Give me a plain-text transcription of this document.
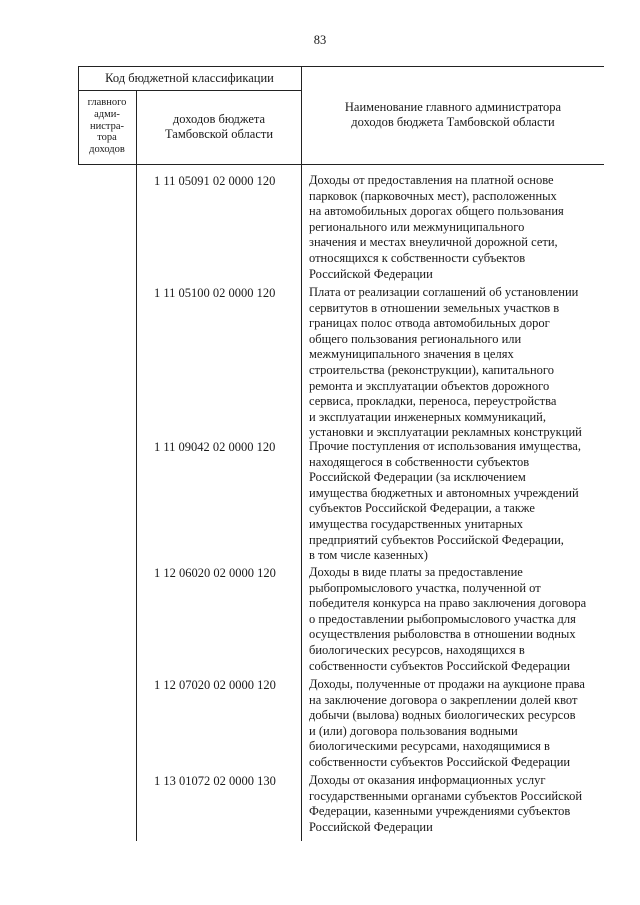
83
Код бюджетной классификации
главного
адми-
нистра-
тора
доходов
доходов бюджета
Тамбовской области
Наименование главного администратора
доходов бюджета Тамбовской области
1 11 05091 02 0000 120	Доходы от предоставления на платной основе
парковок (парковочных мест), расположенных
на автомобильных дорогах общего пользования
регионального или межмуниципального
значения и местах внеуличной дорожной сети,
относящихся к собственности субъектов
Российской Федерации
1 11 05100 02 0000 120	Плата от реализации соглашений об установлении
сервитутов в отношении земельных участков в
границах полос отвода автомобильных дорог
общего пользования регионального или
межмуниципального значения в целях
строительства (реконструкции), капитального
ремонта и эксплуатации объектов дорожного
сервиса, прокладки, переноса, переустройства
и эксплуатации инженерных коммуникаций,
установки и эксплуатации рекламных конструкций
1 11 09042 02 0000 120	Прочие поступления от использования имущества,
находящегося в собственности субъектов
Российской Федерации (за исключением
имущества бюджетных и автономных учреждений
субъектов Российской Федерации, а также
имущества государственных унитарных
предприятий субъектов Российской Федерации,
в том числе казенных)
1 12 06020 02 0000 120	Доходы в виде платы за предоставление
рыбопромыслового участка, полученной от
победителя конкурса на право заключения договора
о предоставлении рыбопромыслового участка для
осуществления рыболовства в отношении водных
биологических ресурсов, находящихся в
собственности субъектов Российской Федерации
1 12 07020 02 0000 120	Доходы, полученные от продажи на аукционе права
на заключение договора о закреплении долей квот
добычи (вылова) водных биологических ресурсов
и (или) договора пользования водными
биологическими ресурсами, находящимися в
собственности субъектов Российской Федерации
1 13 01072 02 0000 130	Доходы от оказания информационных услуг
государственными органами субъектов Российской
Федерации, казенными учреждениями субъектов
Российской Федерации
